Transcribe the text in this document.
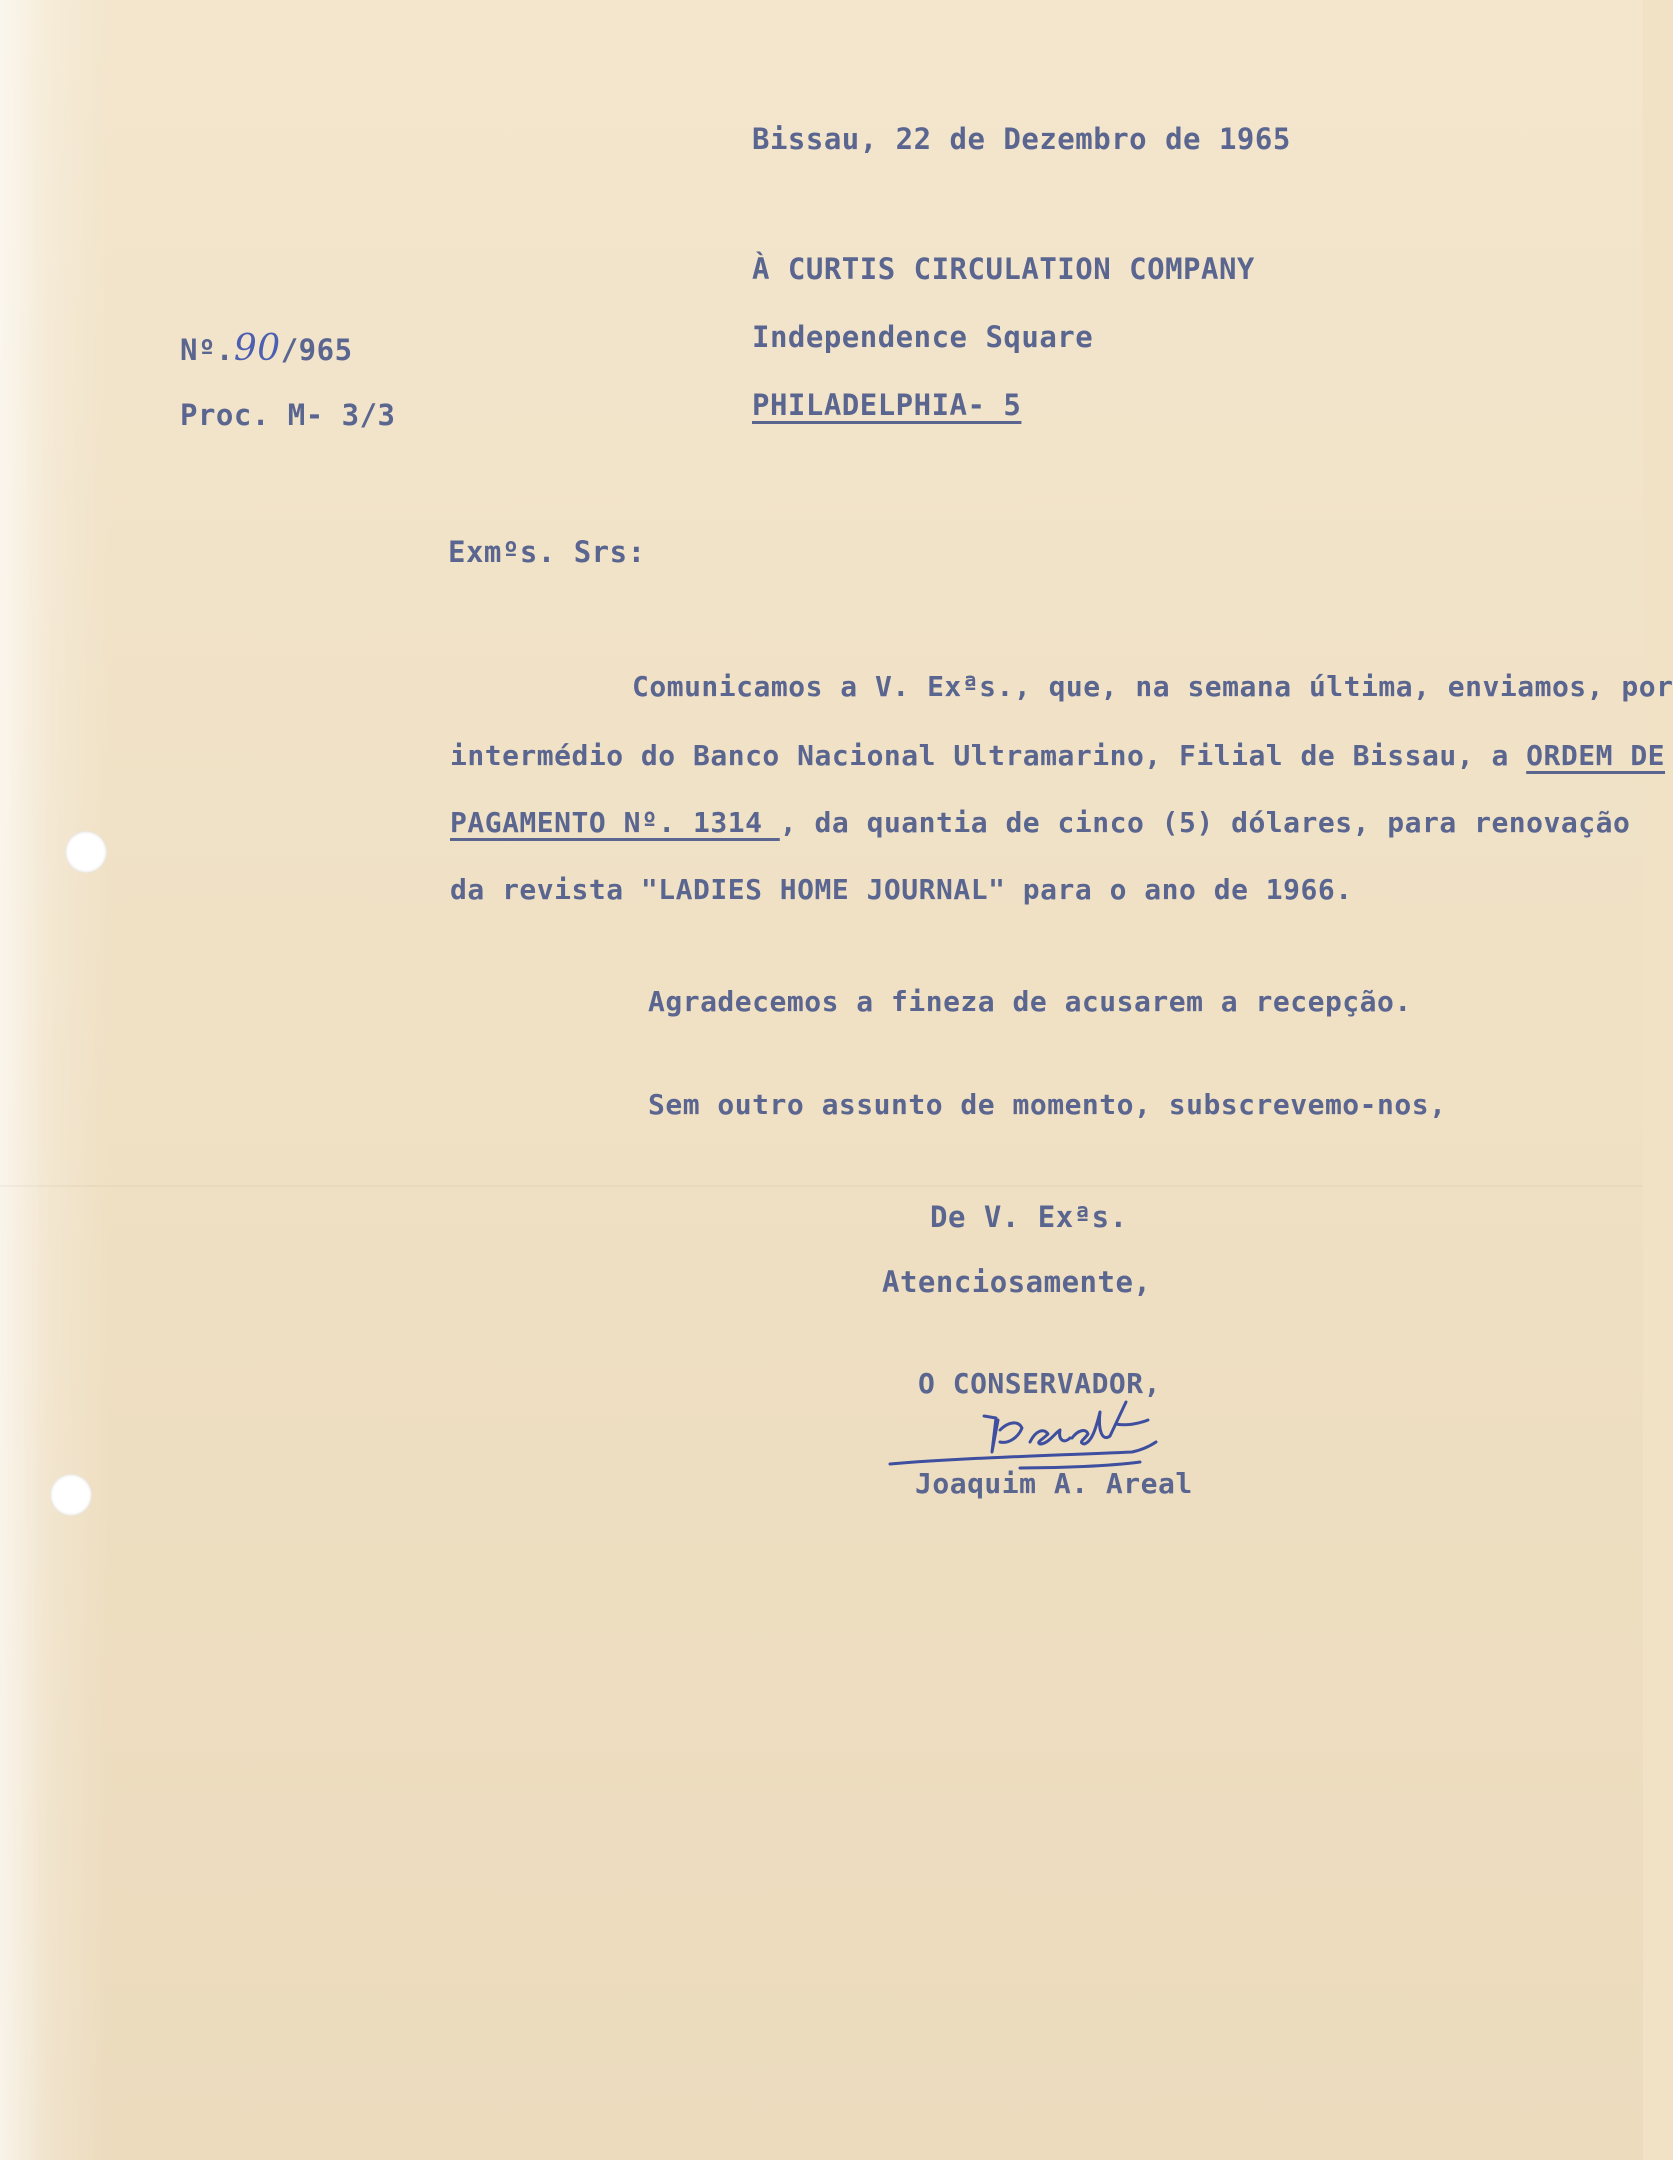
Bissau, 22 de Dezembro de 1965
À CURTIS CIRCULATION COMPANY
Independence Square
PHILADELPHIA- 5
Nº.90/965
Proc. M- 3/3
Exmºs. Srs:
Comunicamos a V. Exªs., que, na semana última, enviamos, por
intermédio do Banco Nacional Ultramarino, Filial de Bissau, a ORDEM DE
PAGAMENTO Nº. 1314 , da quantia de cinco (5) dólares, para renovação
da revista "LADIES HOME JOURNAL" para o ano de 1966.
Agradecemos a fineza de acusarem a recepção.
Sem outro assunto de momento, subscrevemo-nos,
De V. Exªs.
Atenciosamente,
O CONSERVADOR,
Joaquim A. Areal
